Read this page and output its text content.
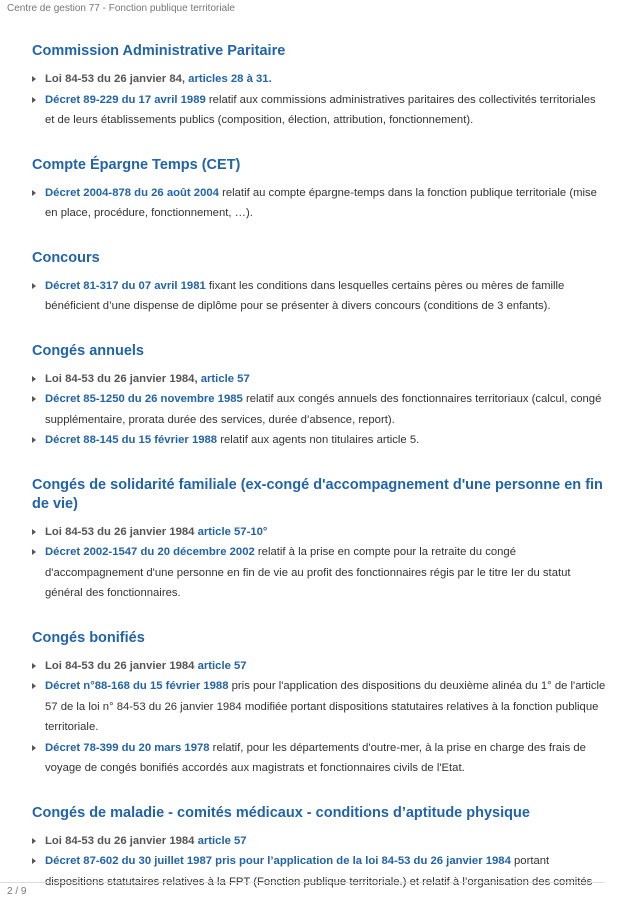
Centre de gestion 77 - Fonction publique territoriale
Commission Administrative Paritaire
Loi 84-53 du 26 janvier 84, articles 28 à 31.
Décret 89-229 du 17 avril 1989 relatif aux commissions administratives paritaires des collectivités territoriales et de leurs établissements publics (composition, élection, attribution, fonctionnement).
Compte Épargne Temps (CET)
Décret 2004-878 du 26 août 2004 relatif au compte épargne-temps dans la fonction publique territoriale (mise en place, procédure, fonctionnement, …).
Concours
Décret 81-317 du 07 avril 1981 fixant les conditions dans lesquelles certains pères ou mères de famille bénéficient d’une dispense de diplôme pour se présenter à divers concours (conditions de 3 enfants).
Congés annuels
Loi 84-53 du 26 janvier 1984, article 57
Décret 85-1250 du 26 novembre 1985 relatif aux congés annuels des fonctionnaires territoriaux (calcul, congé supplémentaire, prorata durée des services, durée d’absence, report).
Décret 88-145 du 15 février 1988 relatif aux agents non titulaires article 5.
Congés de solidarité familiale (ex-congé d'accompagnement d'une personne en fin de vie)
Loi 84-53 du 26 janvier 1984 article 57-10°
Décret 2002-1547 du 20 décembre 2002 relatif à la prise en compte pour la retraite du congé d'accompagnement d'une personne en fin de vie au profit des fonctionnaires régis par le titre Ier du statut général des fonctionnaires.
Congés bonifiés
Loi 84-53 du 26 janvier 1984 article 57
Décret n°88-168 du 15 février 1988 pris pour l'application des dispositions du deuxième alinéa du 1° de l'article 57 de la loi n° 84-53 du 26 janvier 1984 modifiée portant dispositions statutaires relatives à la fonction publique territoriale.
Décret 78-399 du 20 mars 1978 relatif, pour les départements d'outre-mer, à la prise en charge des frais de voyage de congés bonifiés accordés aux magistrats et fonctionnaires civils de l'Etat.
Congés de maladie - comités médicaux - conditions d’aptitude physique
Loi 84-53 du 26 janvier 1984 article 57
Décret 87-602 du 30 juillet 1987 pris pour l’application de la loi 84-53 du 26 janvier 1984 portant dispositions statutaires relatives à la FPT (Fonction publique territoriale.) et relatif à l’organisation des comités
2 / 9
